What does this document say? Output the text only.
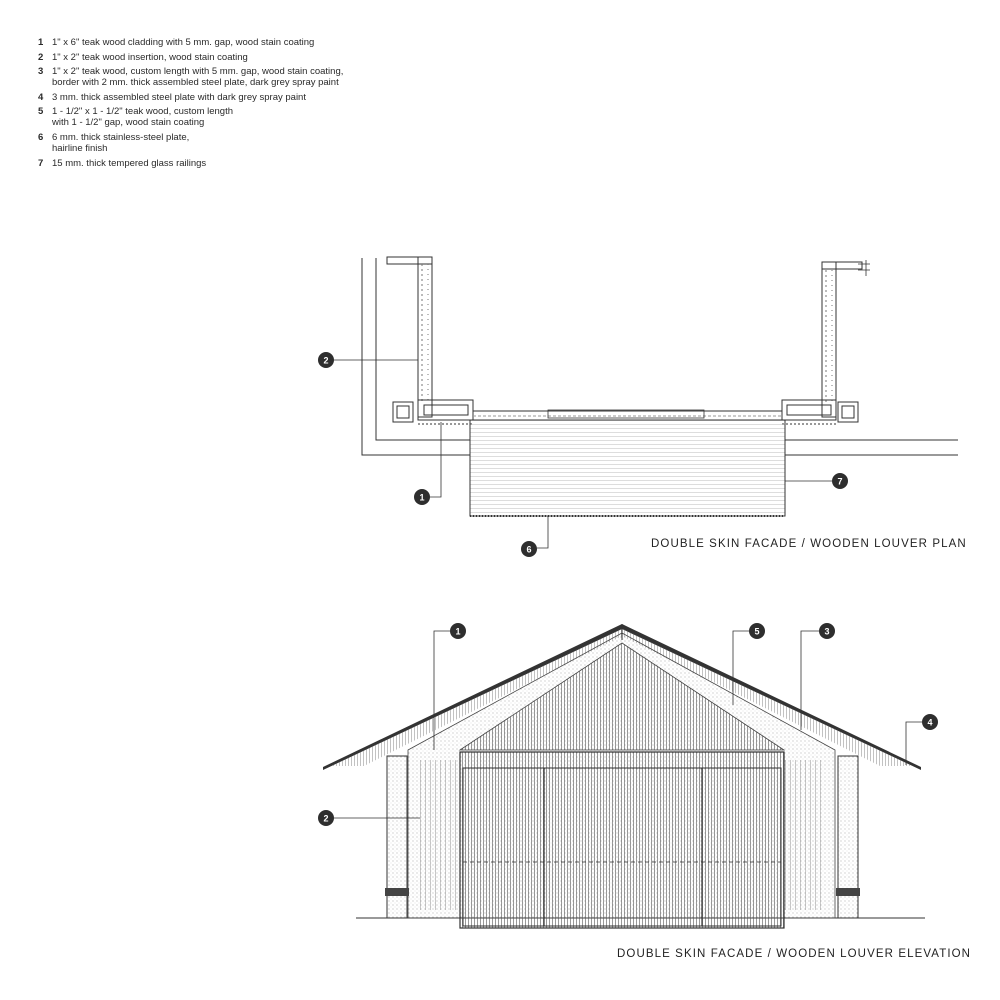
1 1" x 6" teak wood cladding with 5 mm. gap, wood stain coating
2 1" x 2" teak wood insertion, wood stain coating
3 1" x 2" teak wood, custom length with 5 mm. gap, wood stain coating,
border with 2 mm. thick assembled steel plate, dark grey spray paint
4 3 mm. thick assembled steel plate with dark grey spray paint
5 1 - 1/2" x 1 - 1/2" teak wood, custom length
with 1 - 1/2" gap, wood stain coating
6 6 mm. thick stainless-steel plate,
hairline finish
7 15 mm. thick tempered glass railings
2
1
6
7
1	5	3
4
2
DOUBLE SKIN FACADE / WOODEN LOUVER PLAN
DOUBLE SKIN FACADE / WOODEN LOUVER ELEVATION
